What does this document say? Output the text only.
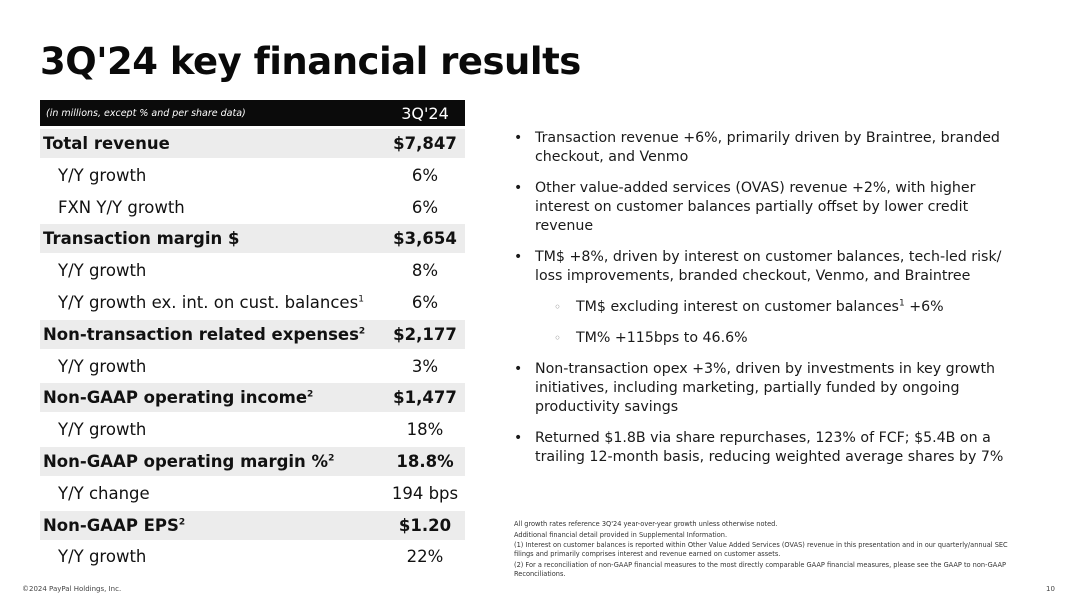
3Q'24 key financial results
(in millions, except % and per share data)	3Q'24
Total revenue	$7,847
Y/Y growth	6%
FXN Y/Y growth	6%
Transaction margin $	$3,654
Y/Y growth	8%
Y/Y growth ex. int. on cust. balances$^1$	6%
Non-transaction related expenses$^2$	$2,177
Y/Y growth	3%
Non-GAAP operating income$^2$	$1,477
Y/Y growth	18%
Non-GAAP operating margin %$^2$	18.8%
Y/Y change	194 bps
Non-GAAP EPS$^2$	$1.20
Y/Y growth	22%
• Transaction revenue +6%, primarily driven by Braintree, branded checkout, and Venmo
• Other value-added services (OVAS) revenue +2%, with higher interest on customer balances partially offset by lower credit revenue
• TM$ +8%, driven by interest on customer balances, tech-led risk/ loss improvements, branded checkout, Venmo, and Braintree
◦ TM$ excluding interest on customer balances$^1$ +6%
◦ TM% +115bps to 46.6%
• Non-transaction opex +3%, driven by investments in key growth initiatives, including marketing, partially funded by ongoing productivity savings
• Returned $1.8B via share repurchases, 123% of FCF; $5.4B on a trailing 12-month basis, reducing weighted average shares by 7%
All growth rates reference 3Q'24 year-over-year growth unless otherwise noted.
Additional financial detail provided in Supplemental Information.
(1) Interest on customer balances is reported within Other Value Added Services (OVAS) revenue in this presentation and in our quarterly/annual SEC filings and primarily comprises interest and revenue earned on customer assets.
(2) For a reconciliation of non-GAAP financial measures to the most directly comparable GAAP financial measures, please see the GAAP to non-GAAP Reconciliations.
©2024 PayPal Holdings, Inc.	10
